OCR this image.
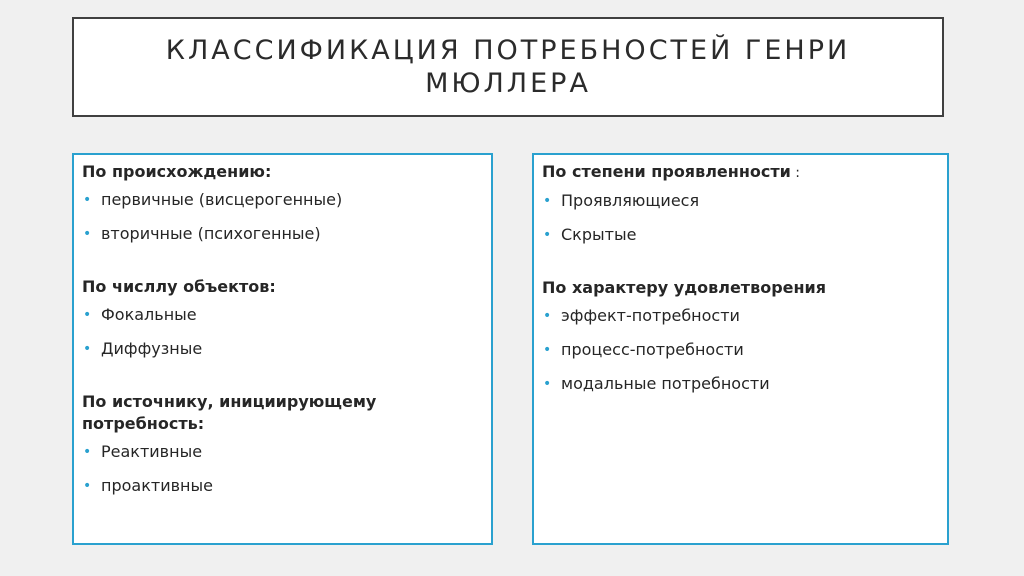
КЛАССИФИКАЦИЯ ПОТРЕБНОСТЕЙ ГЕНРИ МЮЛЛЕРА
По происхождению:
• первичные (висцерогенные)
• вторичные (психогенные)
По числлу объектов:
• Фокальные
• Диффузные
По источнику, инициирующему потребность:
• Реактивные
• проактивные
По степени проявленности :
• Проявляющиеся
• Скрытые
По характеру удовлетворения
• эффект-потребности
• процесс-потребности
• модальные потребности
